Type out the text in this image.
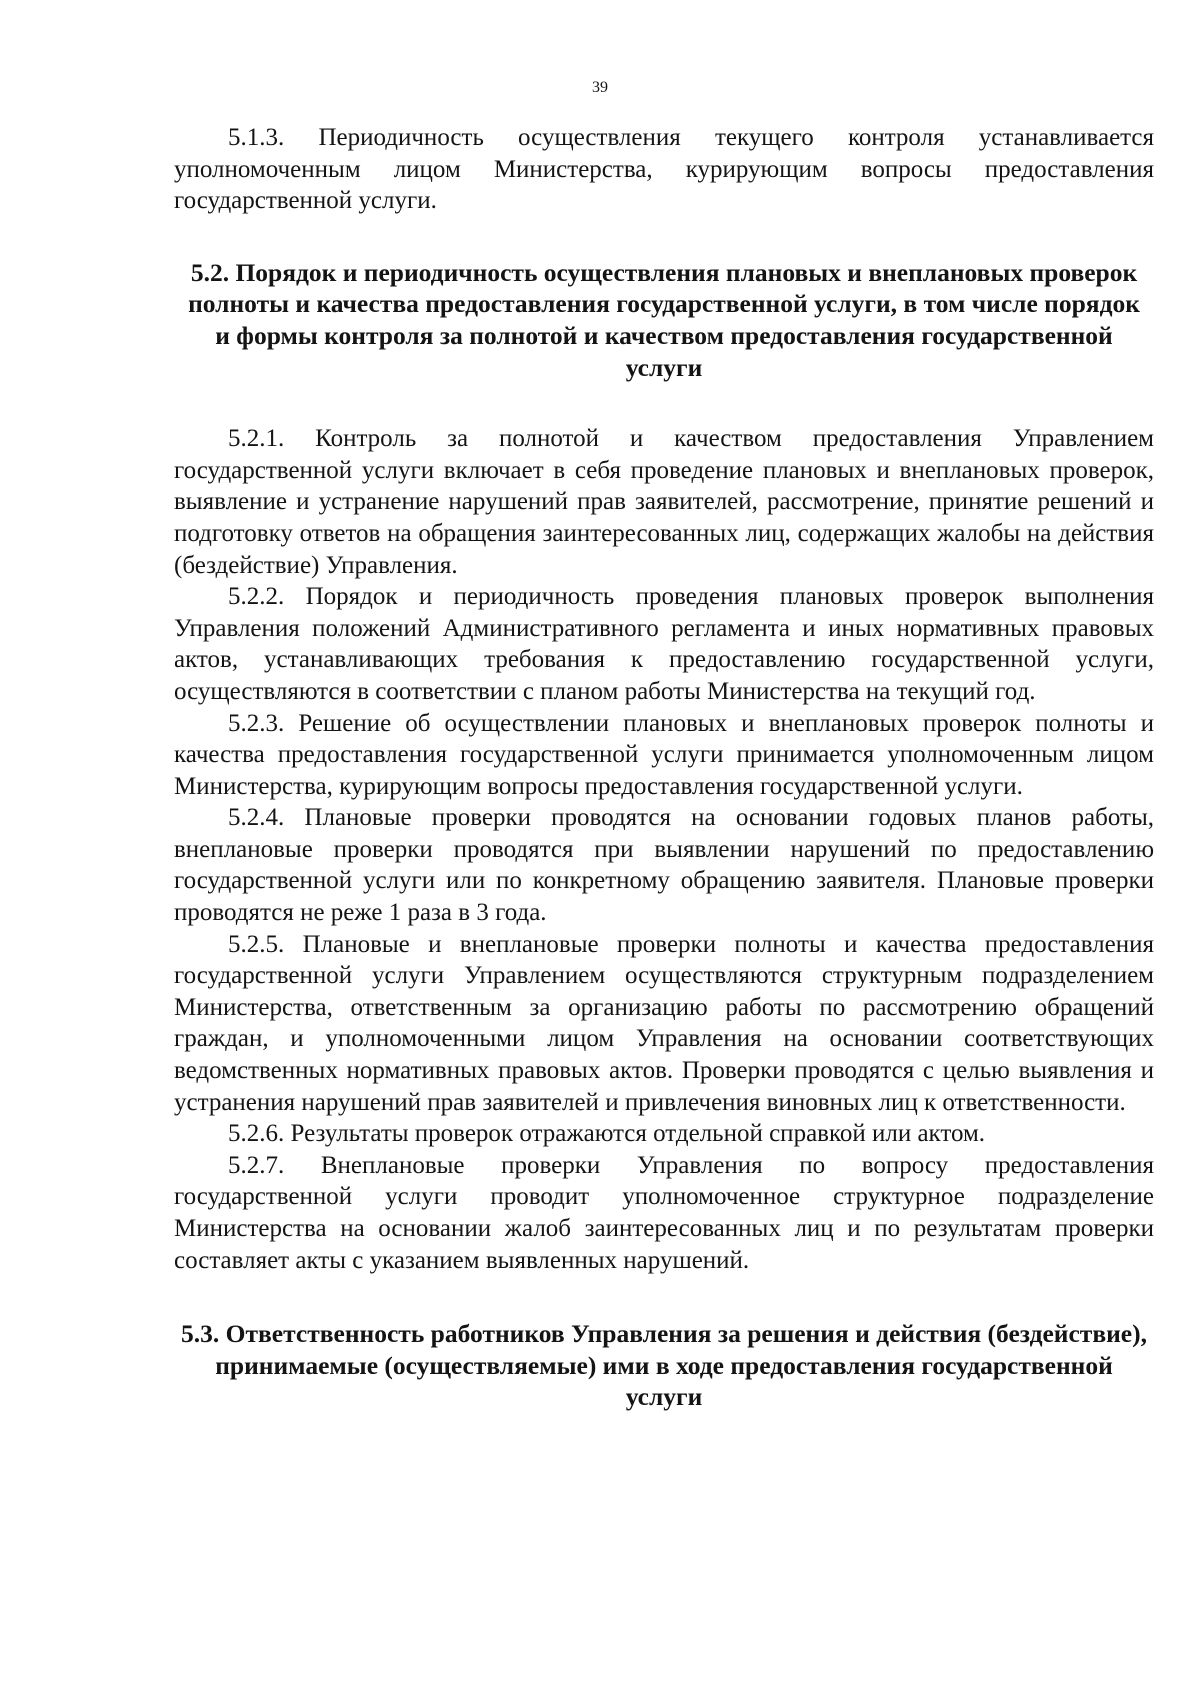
39

5.1.3. Периодичность осуществления текущего контроля устанавливается уполномоченным лицом Министерства, курирующим вопросы предоставления государственной услуги.

5.2. Порядок и периодичность осуществления плановых и внеплановых проверок полноты и качества предоставления государственной услуги, в том числе порядок и формы контроля за полнотой и качеством предоставления государственной услуги

5.2.1. Контроль за полнотой и качеством предоставления Управлением государственной услуги включает в себя проведение плановых и внеплановых проверок, выявление и устранение нарушений прав заявителей, рассмотрение, принятие решений и подготовку ответов на обращения заинтересованных лиц, содержащих жалобы на действия (бездействие) Управления.

5.2.2. Порядок и периодичность проведения плановых проверок выполнения Управления положений Административного регламента и иных нормативных правовых актов, устанавливающих требования к предоставлению государственной услуги, осуществляются в соответствии с планом работы Министерства на текущий год.

5.2.3. Решение об осуществлении плановых и внеплановых проверок полноты и качества предоставления государственной услуги принимается уполномоченным лицом Министерства, курирующим вопросы предоставления государственной услуги.

5.2.4. Плановые проверки проводятся на основании годовых планов работы, внеплановые проверки проводятся при выявлении нарушений по предоставлению государственной услуги или по конкретному обращению заявителя. Плановые проверки проводятся не реже 1 раза в 3 года.

5.2.5. Плановые и внеплановые проверки полноты и качества предоставления государственной услуги Управлением осуществляются структурным подразделением Министерства, ответственным за организацию работы по рассмотрению обращений граждан, и уполномоченными лицом Управления на основании соответствующих ведомственных нормативных правовых актов. Проверки проводятся с целью выявления и устранения нарушений прав заявителей и привлечения виновных лиц к ответственности.

5.2.6. Результаты проверок отражаются отдельной справкой или актом.

5.2.7. Внеплановые проверки Управления по вопросу предоставления государственной услуги проводит уполномоченное структурное подразделение Министерства на основании жалоб заинтересованных лиц и по результатам проверки составляет акты с указанием выявленных нарушений.

5.3. Ответственность работников Управления за решения и действия (бездействие), принимаемые (осуществляемые) ими в ходе предоставления государственной услуги
